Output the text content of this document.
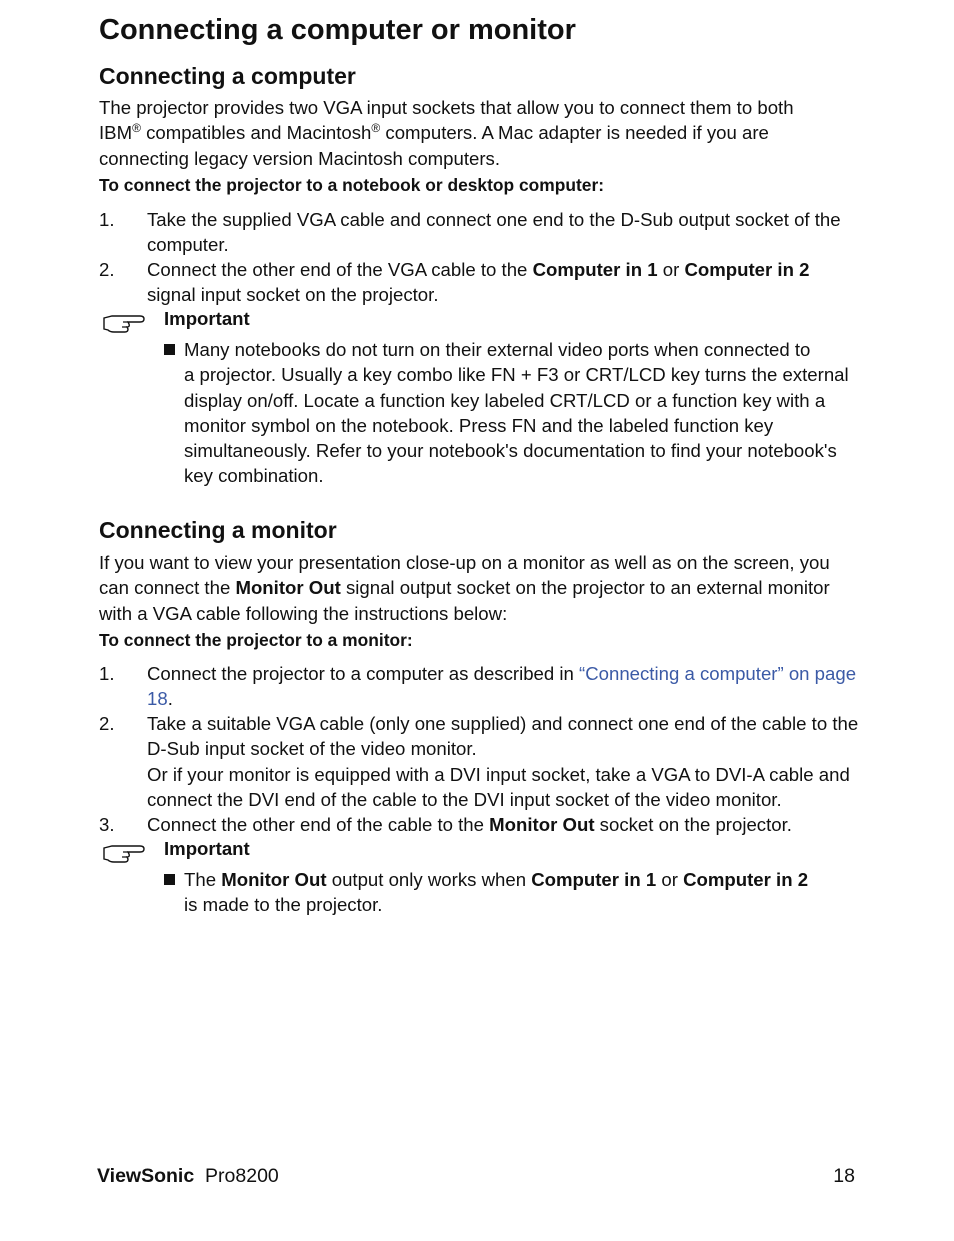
Connecting a computer or monitor
Connecting a computer

The projector provides two VGA input sockets that allow you to connect them to both
IBM® compatibles and Macintosh® computers. A Mac adapter is needed if you are
connecting legacy version Macintosh computers.

To connect the projector to a notebook or desktop computer:
1. Take the supplied VGA cable and connect one end to the D-Sub output socket of the computer.
2. Connect the other end of the VGA cable to the Computer in 1 or Computer in 2 signal input socket on the projector.
Important
Many notebooks do not turn on their external video ports when connected to
a projector. Usually a key combo like FN + F3 or CRT/LCD key turns the external display on/off. Locate a function key labeled CRT/LCD or a function key with a monitor symbol on the notebook. Press FN and the labeled function key simultaneously. Refer to your notebook's documentation to find your notebook's key combination.
Connecting a monitor

If you want to view your presentation close-up on a monitor as well as on the screen, you can connect the Monitor Out signal output socket on the projector to an external monitor with a VGA cable following the instructions below:

To connect the projector to a monitor:
1. Connect the projector to a computer as described in “Connecting a computer” on page 18.
2. Take a suitable VGA cable (only one supplied) and connect one end of the cable to the D-Sub input socket of the video monitor.
Or if your monitor is equipped with a DVI input socket, take a VGA to DVI-A cable and connect the DVI end of the cable to the DVI input socket of the video monitor.
3. Connect the other end of the cable to the Monitor Out socket on the projector.
Important
The Monitor Out output only works when Computer in 1 or Computer in 2
is made to the projector.
ViewSonic Pro8200	18
